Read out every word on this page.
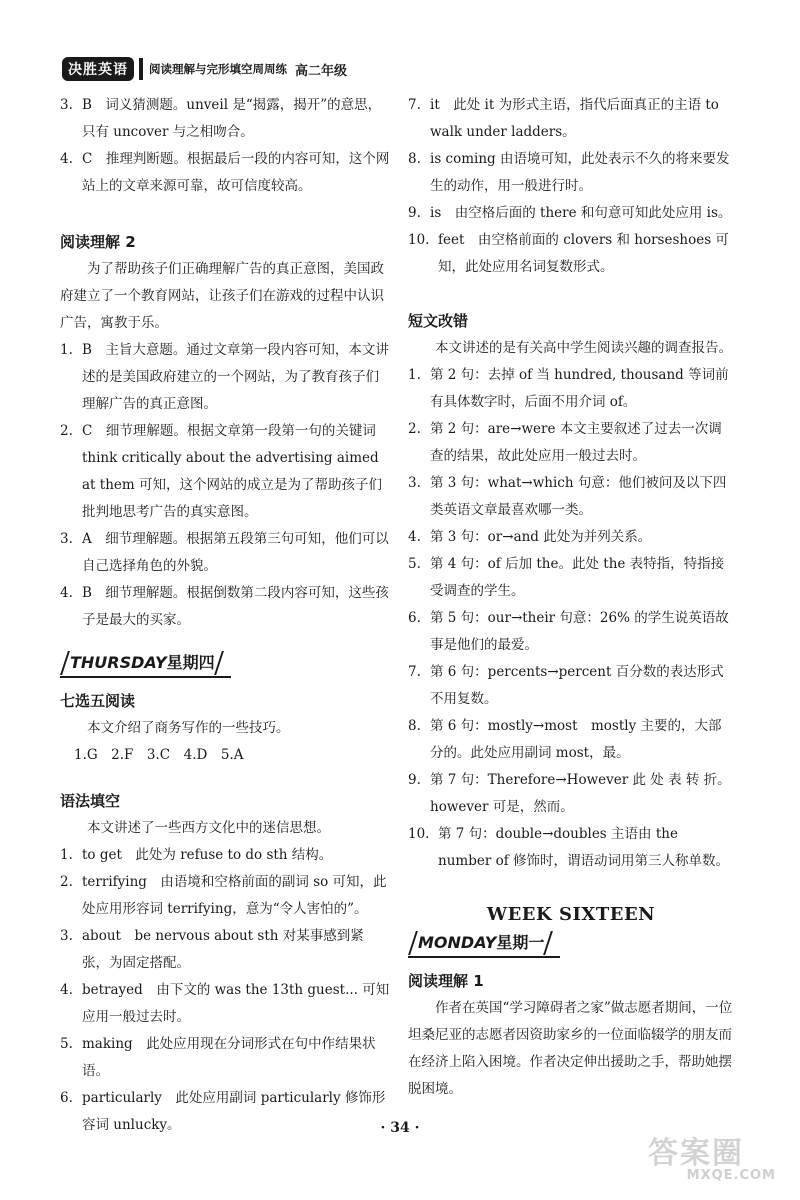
决胜英语	阅读理解与完形填空周周练 高二年级
3. B　词义猜测题。unveil 是“揭露，揭开”的意思，只有 uncover 与之相吻合。
4. C　推理判断题。根据最后一段的内容可知，这个网站上的文章来源可靠，故可信度较高。
阅读理解 2
为了帮助孩子们正确理解广告的真正意图，美国政府建立了一个教育网站，让孩子们在游戏的过程中认识广告，寓教于乐。
1. B　主旨大意题。通过文章第一段内容可知，本文讲述的是美国政府建立的一个网站，为了教育孩子们理解广告的真正意图。
2. C　细节理解题。根据文章第一段第一句的关键词 think critically about the advertising aimed at them 可知，这个网站的成立是为了帮助孩子们批判地思考广告的真实意图。
3. A　细节理解题。根据第五段第三句可知，他们可以自己选择角色的外貌。
4. B　细节理解题。根据倒数第二段内容可知，这些孩子是最大的买家。
THURSDAY星期四
七选五阅读
本文介绍了商务写作的一些技巧。
1.G　2.F　3.C　4.D　5.A
语法填空
本文讲述了一些西方文化中的迷信思想。
1. to get　此处为 refuse to do sth 结构。
2. terrifying　由语境和空格前面的副词 so 可知，此处应用形容词 terrifying，意为“令人害怕的”。
3. about　be nervous about sth 对某事感到紧张，为固定搭配。
4. betrayed　由下文的 was the 13th guest... 可知应用一般过去时。
5. making　此处应用现在分词形式在句中作结果状语。
6. particularly　此处应用副词 particularly 修饰形容词 unlucky。
7. it　此处 it 为形式主语，指代后面真正的主语 to walk under ladders。
8. is coming 由语境可知，此处表示不久的将来要发生的动作，用一般进行时。
9. is　由空格后面的 there 和句意可知此处应用 is。
10. feet　由空格前面的 clovers 和 horseshoes 可知，此处应用名词复数形式。
短文改错
本文讲述的是有关高中学生阅读兴趣的调查报告。
1. 第 2 句：去掉 of 当 hundred, thousand 等词前有具体数字时，后面不用介词 of。
2. 第 2 句：are→were 本文主要叙述了过去一次调查的结果，故此处应用一般过去时。
3. 第 3 句：what→which 句意：他们被问及以下四类英语文章最喜欢哪一类。
4. 第 3 句：or→and 此处为并列关系。
5. 第 4 句：of 后加 the。此处 the 表特指，特指接受调查的学生。
6. 第 5 句：our→their 句意：26% 的学生说英语故事是他们的最爱。
7. 第 6 句：percents→percent 百分数的表达形式不用复数。
8. 第 6 句：mostly→most　mostly 主要的，大部分的。此处应用副词 most，最。
9. 第 7 句：Therefore→However 此 处 表 转 折。however 可是，然而。
10. 第 7 句：double→doubles 主语由 the number of 修饰时，谓语动词用第三人称单数。
WEEK SIXTEEN
MONDAY星期一
阅读理解 1
作者在英国“学习障碍者之家”做志愿者期间，一位坦桑尼亚的志愿者因资助家乡的一位面临辍学的朋友而在经济上陷入困境。作者决定伸出援助之手，帮助她摆脱困境。
· 34 ·
答案圈
MXQE.COM
